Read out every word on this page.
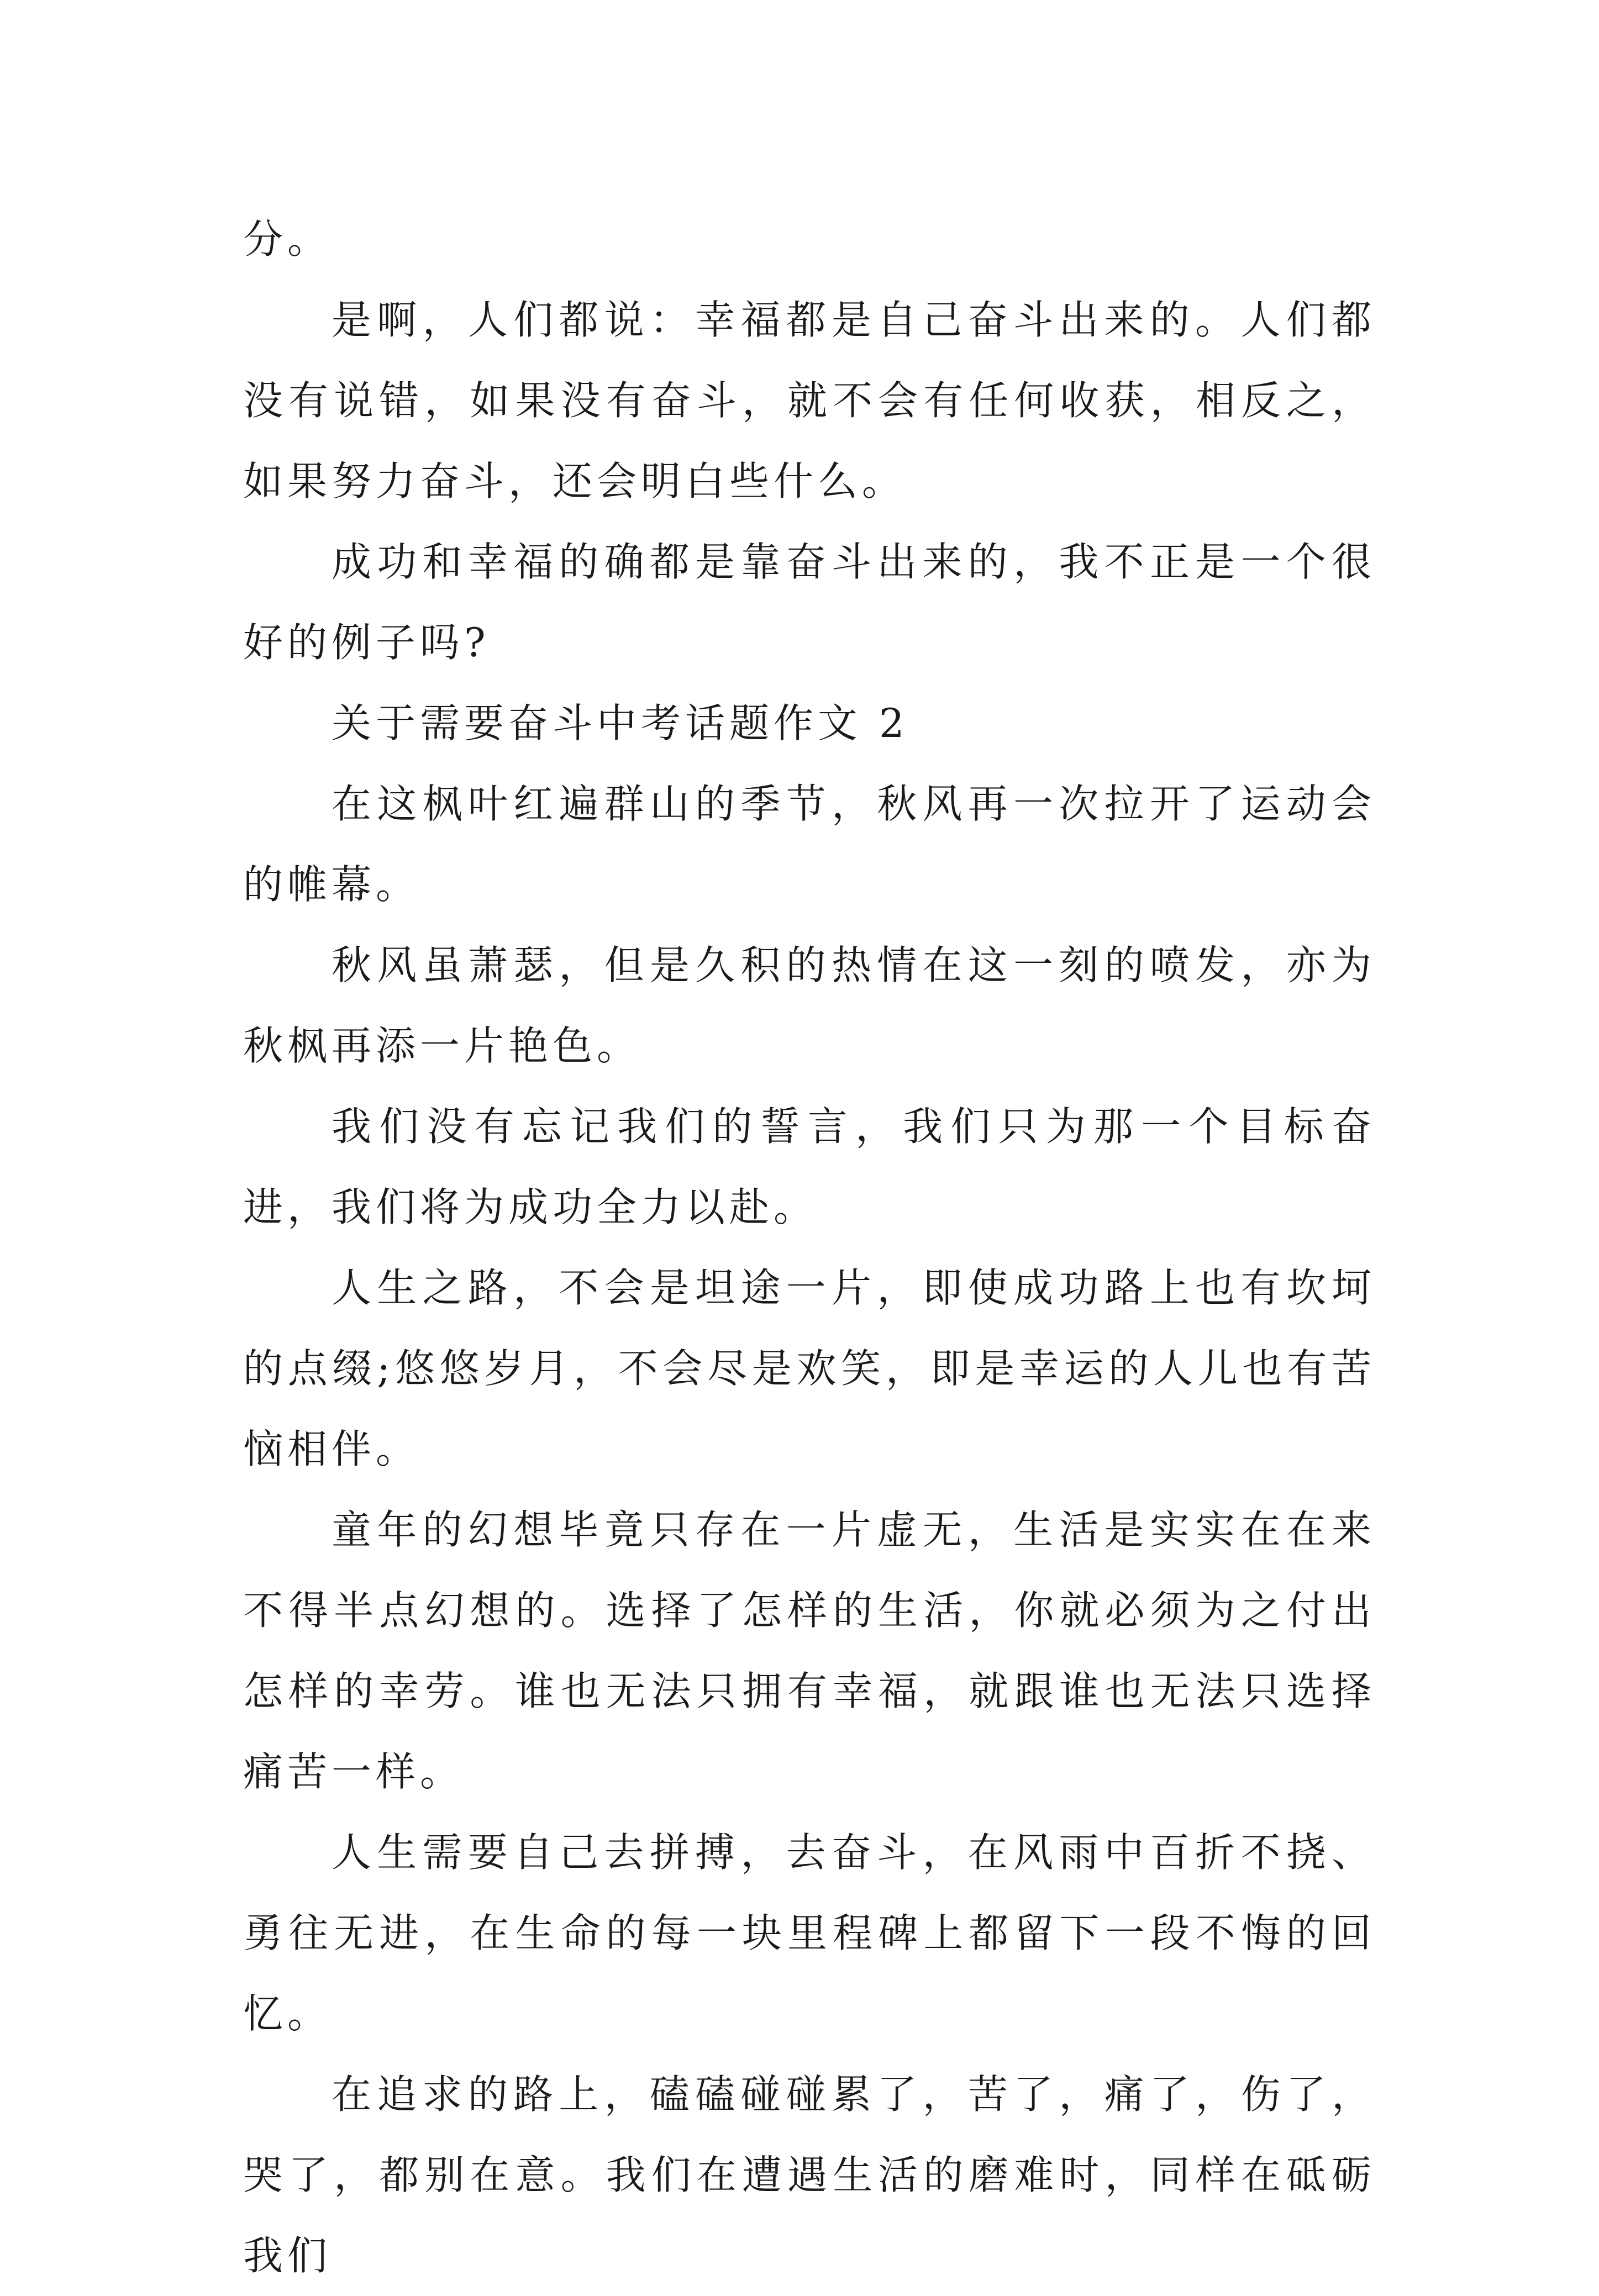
分。

是啊，人们都说：幸福都是自己奋斗出来的。人们都没有说错，如果没有奋斗，就不会有任何收获，相反之，如果努力奋斗，还会明白些什么。

成功和幸福的确都是靠奋斗出来的，我不正是一个很好的例子吗?

关于需要奋斗中考话题作文 2

在这枫叶红遍群山的季节，秋风再一次拉开了运动会的帷幕。

秋风虽萧瑟，但是久积的热情在这一刻的喷发，亦为秋枫再添一片艳色。

我们没有忘记我们的誓言，我们只为那一个目标奋进，我们将为成功全力以赴。

人生之路，不会是坦途一片，即使成功路上也有坎坷的点缀;悠悠岁月，不会尽是欢笑，即是幸运的人儿也有苦恼相伴。

童年的幻想毕竟只存在一片虚无，生活是实实在在来不得半点幻想的。选择了怎样的生活，你就必须为之付出怎样的幸劳。谁也无法只拥有幸福，就跟谁也无法只选择痛苦一样。

人生需要自己去拼搏，去奋斗，在风雨中百折不挠、勇往无进，在生命的每一块里程碑上都留下一段不悔的回忆。

在追求的路上，磕磕碰碰累了，苦了，痛了，伤了，哭了，都别在意。我们在遭遇生活的磨难时，同样在砥砺我们
